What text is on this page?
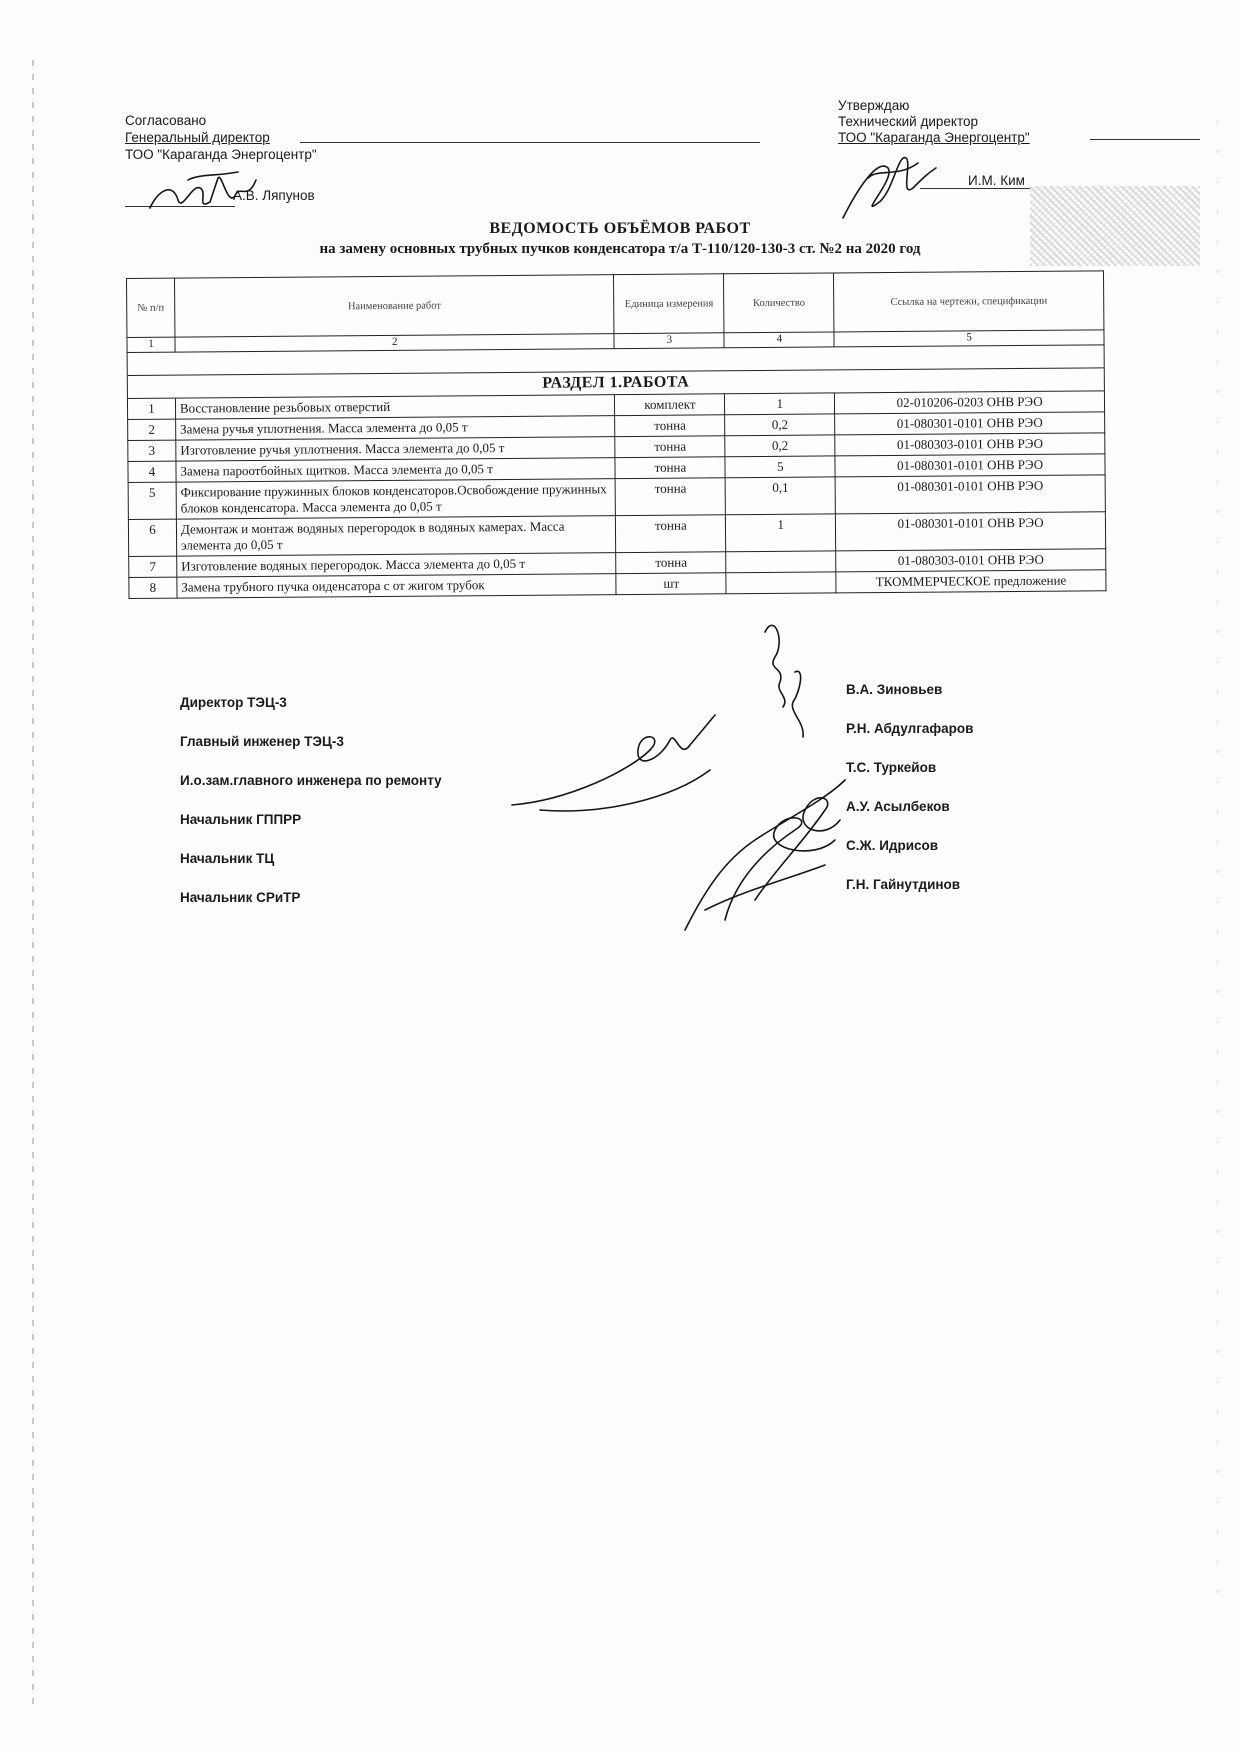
Согласовано
Генеральный директор
ТОО "Караганда Энергоцентр"
А.В. Ляпунов
Утверждаю
Технический директор
ТОО "Караганда Энергоцентр"
И.М. Ким
ВЕДОМОСТЬ ОБЪЁМОВ РАБОТ
на замену основных трубных пучков конденсатора т/а Т-110/120-130-3 ст. №2 на 2020 год
№ п/п	Наименование работ	Единица измерения	Количество	Ссылка на чертежи, спецификации
1	2	3	4	5

РАЗДЕЛ 1.РАБОТА				
1	Восстановление резьбовых отверстий	комплект	1	02-010206-0203 ОНВ РЭО
2	Замена ручья уплотнения. Масса элемента до 0,05 т	тонна	0,2	01-080301-0101 ОНВ РЭО
3	Изготовление ручья уплотнения. Масса элемента до 0,05 т	тонна	0,2	01-080303-0101 ОНВ РЭО
4	Замена пароотбойных щитков. Масса элемента до 0,05 т	тонна	5	01-080301-0101 ОНВ РЭО
5	Фиксирование пружинных блоков конденсаторов.Освобождение пружинных блоков конденсатора. Масса элемента до 0,05 т	тонна	0,1	01-080301-0101 ОНВ РЭО
6	Демонтаж и монтаж водяных перегородок в водяных камерах. Масса элемента до 0,05 т	тонна	1	01-080301-0101 ОНВ РЭО
7	Изготовление водяных перегородок. Масса элемента до 0,05 т	тонна		01-080303-0101 ОНВ РЭО
8	Замена трубного пучка оиденсатора с от жигом трубок	шт		ТКОММЕРЧЕСКОЕ предложение
Директор ТЭЦ-3
Главный инженер ТЭЦ-3
И.о.зам.главного инженера по ремонту
Начальник ГППРР
Начальник ТЦ
Начальник СРиТР
В.А. Зиновьев
Р.Н. Абдулгафаров
Т.С. Туркейов
А.У. Асылбеков
С.Ж. Идрисов
Г.Н. Гайнутдинов
